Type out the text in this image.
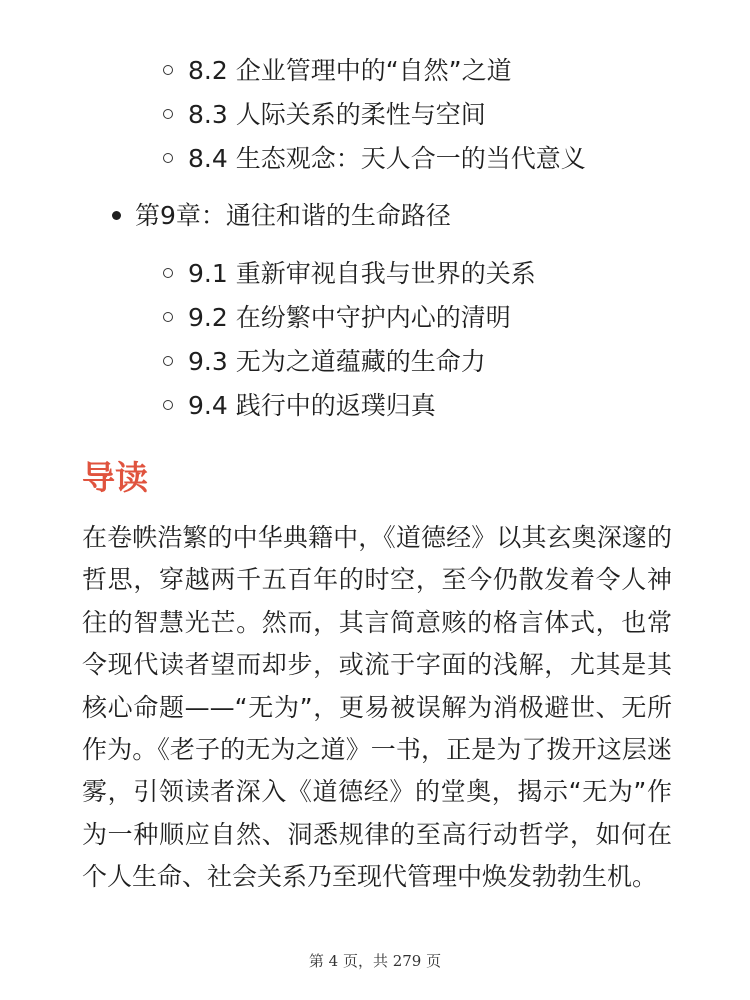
8.2 企业管理中的“自然”之道
8.3 人际关系的柔性与空间
8.4 生态观念：天人合一的当代意义
第9章：通往和谐的生命路径
9.1 重新审视自我与世界的关系
9.2 在纷繁中守护内心的清明
9.3 无为之道蕴藏的生命力
9.4 践行中的返璞归真
导读

在卷帙浩繁的中华典籍中，《道德经》以其玄奥深邃的哲思，穿越两千五百年的时空，至今仍散发着令人神往的智慧光芒。然而，其言简意赅的格言体式，也常令现代读者望而却步，或流于字面的浅解，尤其是其核心命题——“无为”，更易被误解为消极避世、无所作为。《老子的无为之道》一书，正是为了拨开这层迷雾，引领读者深入《道德经》的堂奥，揭示“无为”作为一种顺应自然、洞悉规律的至高行动哲学，如何在个人生命、社会关系乃至现代管理中焕发勃勃生机。

第 4 页，共 279 页
